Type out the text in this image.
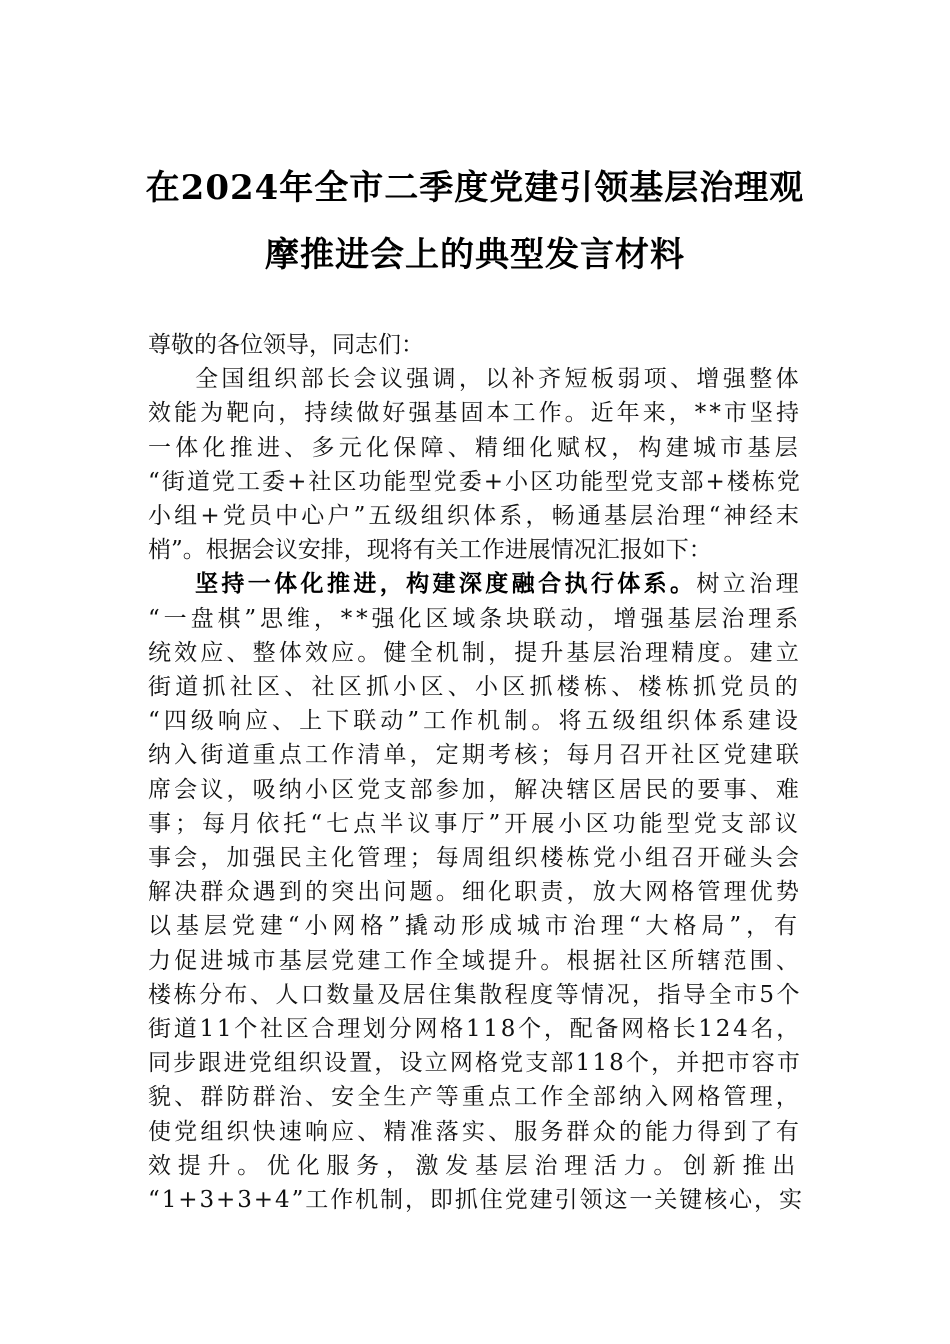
在2024年全市二季度党建引领基层治理观
摩推进会上的典型发言材料
尊敬的各位领导，同志们：
全国组织部长会议强调，以补齐短板弱项、增强整体
效能为靶向，持续做好强基固本工作。近年来，**市坚持
一体化推进、多元化保障、精细化赋权，构建城市基层
“街道党工委+社区功能型党委+小区功能型党支部+楼栋党
小组+党员中心户”五级组织体系，畅通基层治理“神经末
梢”。根据会议安排，现将有关工作进展情况汇报如下：
坚持一体化推进，构建深度融合执行体系。树立治理
“一盘棋”思维，**强化区域条块联动，增强基层治理系
统效应、整体效应。健全机制，提升基层治理精度。建立
街道抓社区、社区抓小区、小区抓楼栋、楼栋抓党员的
“四级响应、上下联动”工作机制。将五级组织体系建设
纳入街道重点工作清单，定期考核；每月召开社区党建联
席会议，吸纳小区党支部参加，解决辖区居民的要事、难
事；每月依托“七点半议事厅”开展小区功能型党支部议
事会，加强民主化管理；每周组织楼栋党小组召开碰头会
解决群众遇到的突出问题。细化职责，放大网格管理优势
以基层党建“小网格”撬动形成城市治理“大格局”，有
力促进城市基层党建工作全域提升。根据社区所辖范围、
楼栋分布、人口数量及居住集散程度等情况，指导全市5个
街道11个社区合理划分网格118个，配备网格长124名，
同步跟进党组织设置，设立网格党支部118个，并把市容市
貌、群防群治、安全生产等重点工作全部纳入网格管理，
使党组织快速响应、精准落实、服务群众的能力得到了有
效提升。优化服务，激发基层治理活力。创新推出
“1+3+3+4”工作机制，即抓住党建引领这一关键核心，实
